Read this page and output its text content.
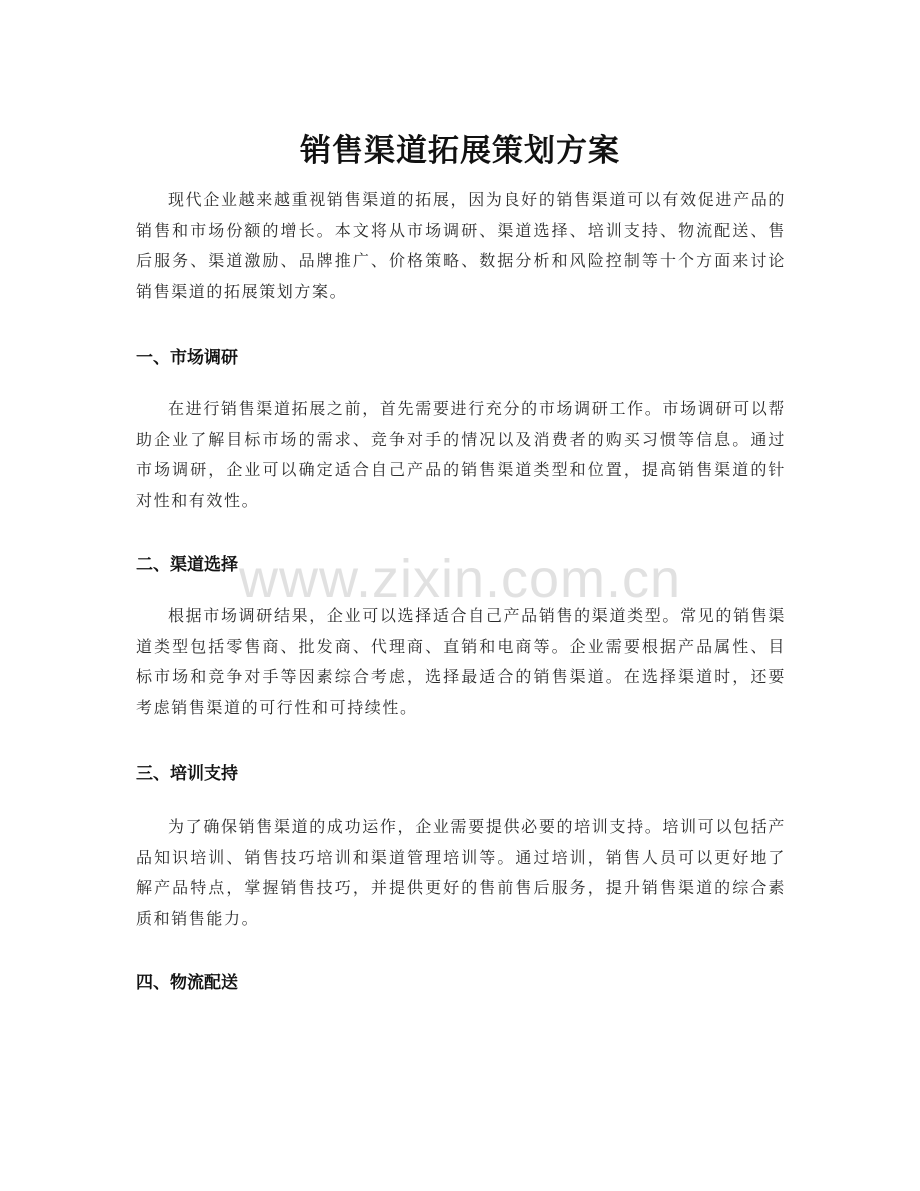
销售渠道拓展策划方案

现代企业越来越重视销售渠道的拓展，因为良好的销售渠道可以有效促进产品的销售和市场份额的增长。本文将从市场调研、渠道选择、培训支持、物流配送、售后服务、渠道激励、品牌推广、价格策略、数据分析和风险控制等十个方面来讨论销售渠道的拓展策划方案。

一、市场调研

在进行销售渠道拓展之前，首先需要进行充分的市场调研工作。市场调研可以帮助企业了解目标市场的需求、竞争对手的情况以及消费者的购买习惯等信息。通过市场调研，企业可以确定适合自己产品的销售渠道类型和位置，提高销售渠道的针对性和有效性。

二、渠道选择

根据市场调研结果，企业可以选择适合自己产品销售的渠道类型。常见的销售渠道类型包括零售商、批发商、代理商、直销和电商等。企业需要根据产品属性、目标市场和竞争对手等因素综合考虑，选择最适合的销售渠道。在选择渠道时，还要考虑销售渠道的可行性和可持续性。

三、培训支持

为了确保销售渠道的成功运作，企业需要提供必要的培训支持。培训可以包括产品知识培训、销售技巧培训和渠道管理培训等。通过培训，销售人员可以更好地了解产品特点，掌握销售技巧，并提供更好的售前售后服务，提升销售渠道的综合素质和销售能力。

四、物流配送
www.zixin.com.cn
